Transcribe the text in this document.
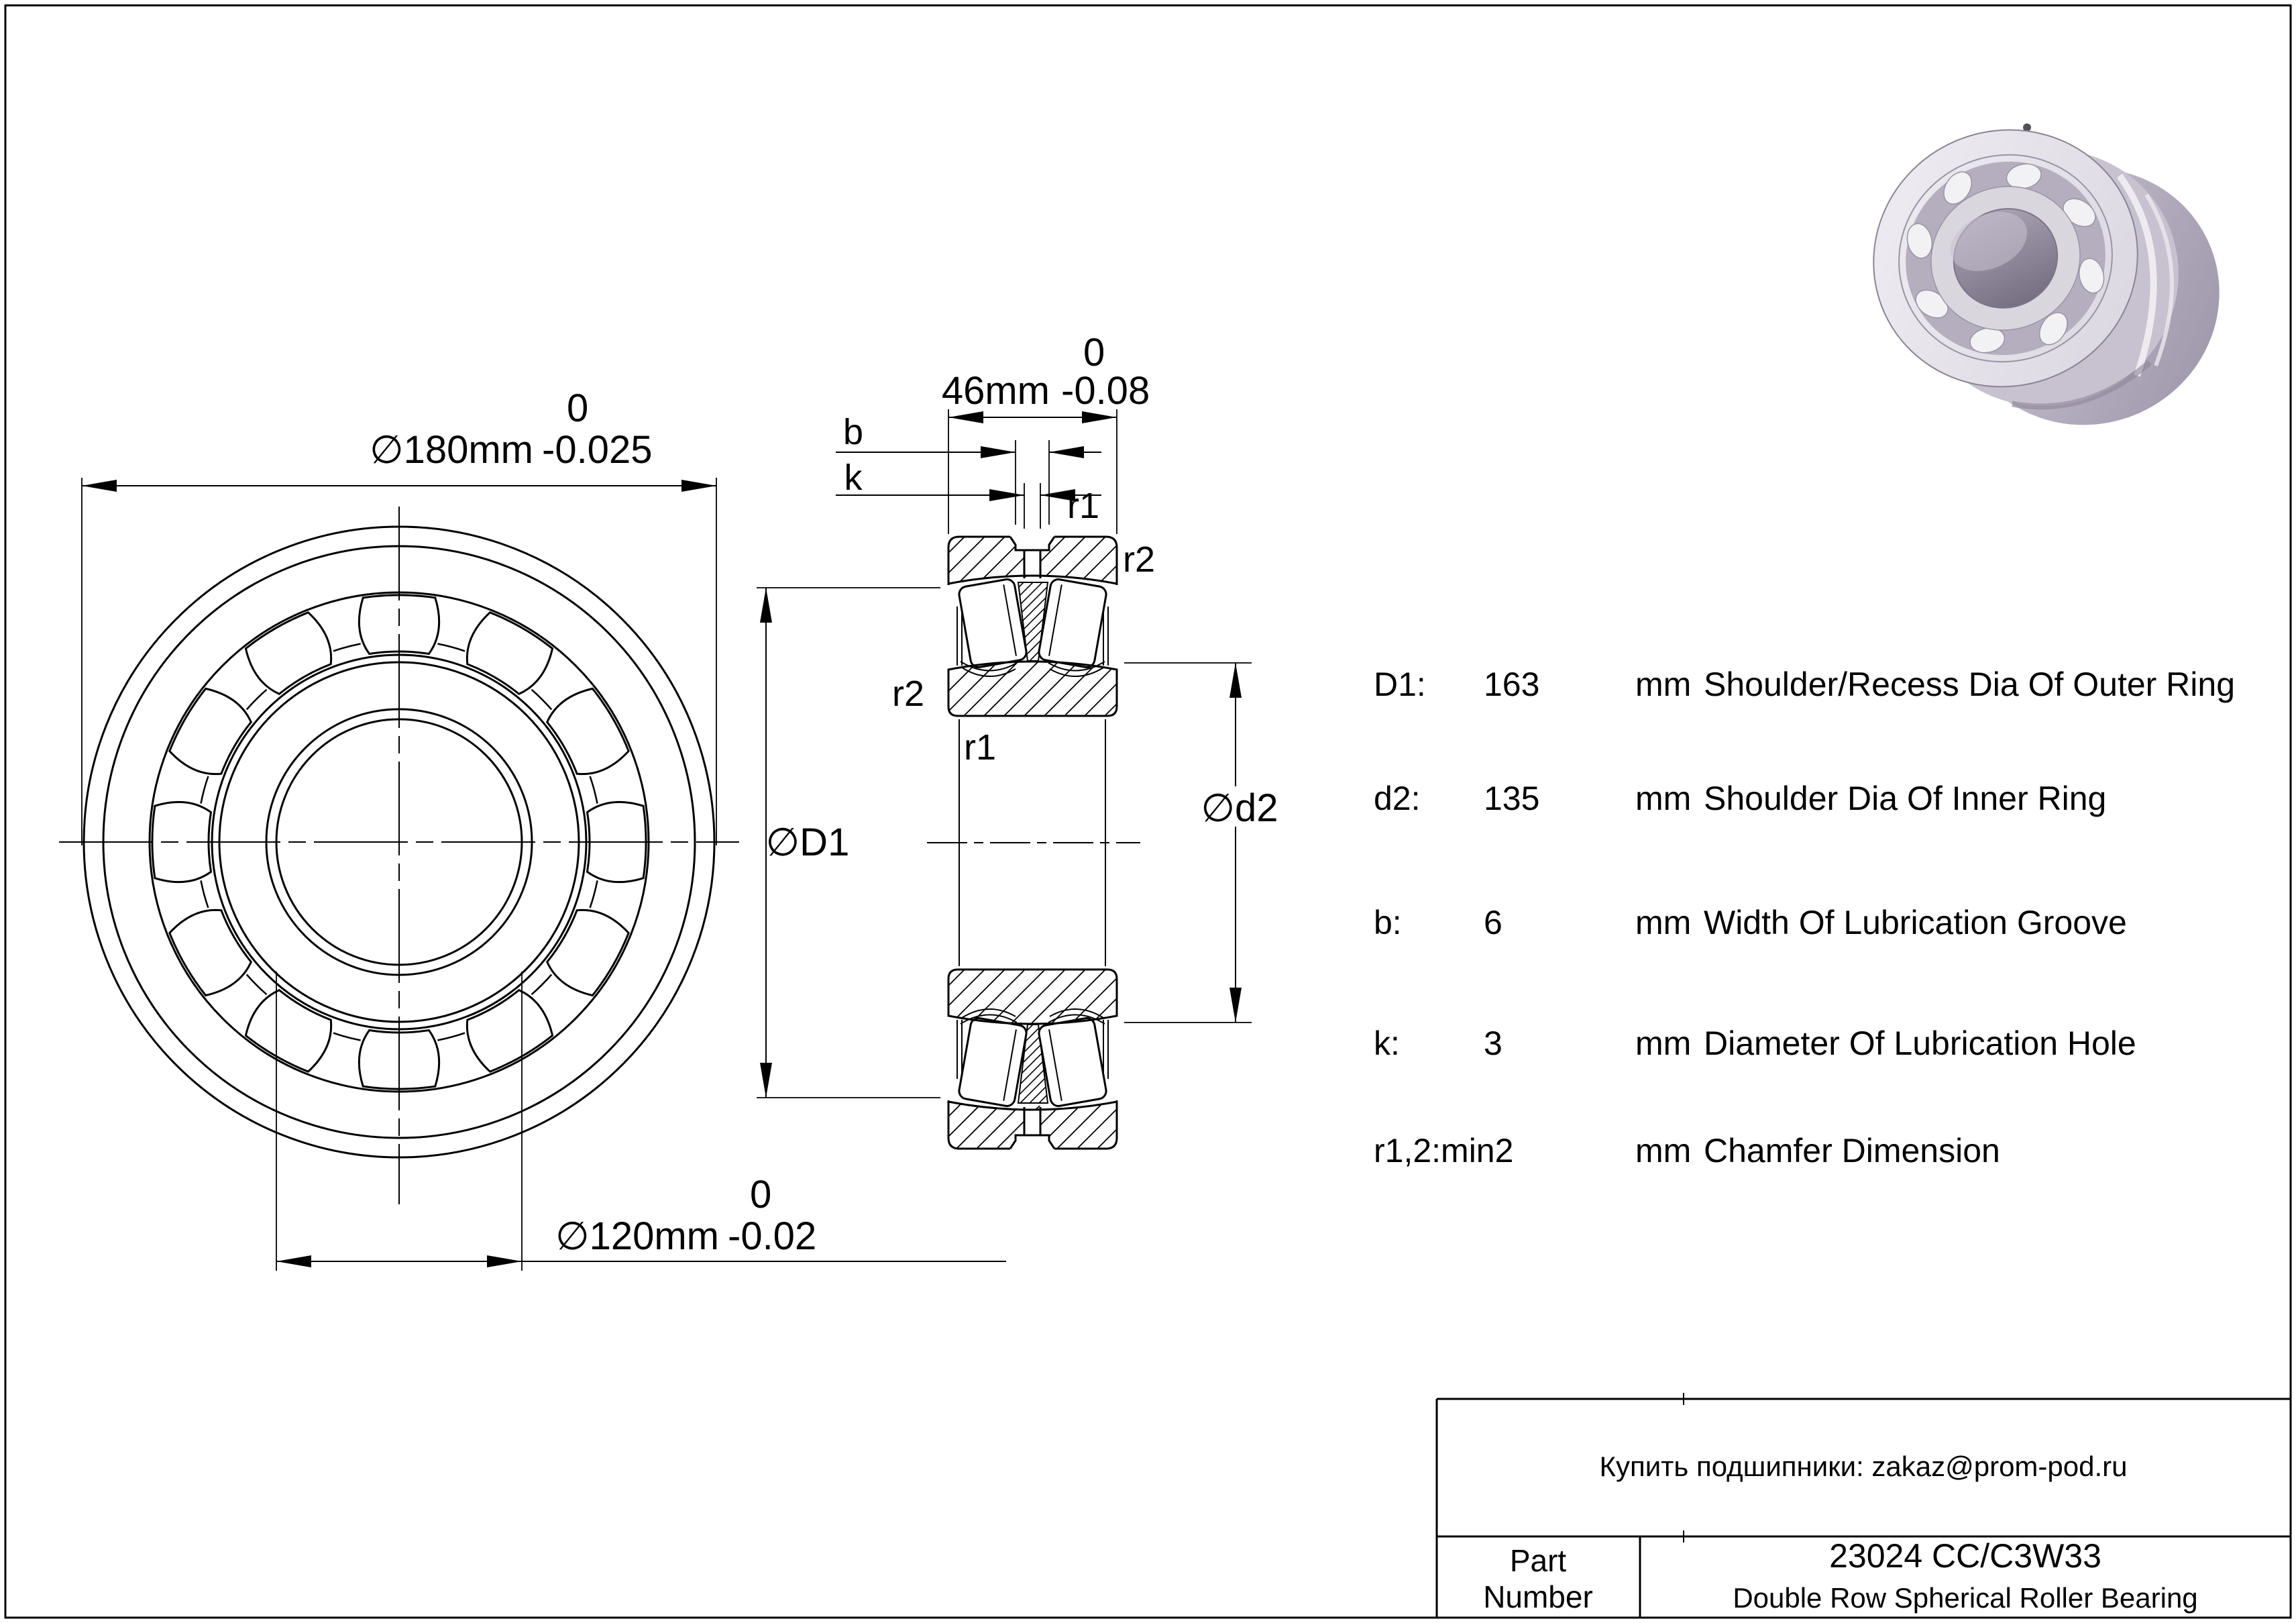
∅180mm -0.025
0
∅120mm -0.02
0
46mm -0.08
0
b
k
r1
r2
r2
r1
∅D1
∅d2
D1: 163	mm Shoulder/Recess Dia Of Outer Ring
d2: 135	mm Shoulder Dia Of Inner Ring
b: 6	mm Width Of Lubrication Groove
k:	3	mm Diameter Of Lubrication Hole
r1,2:min2	mm Chamfer Dimension
Купить подшипники: zakaz@prom-pod.ru
Part
Number
23024 CC/C3W33
Double Row Spherical Roller Bearing
